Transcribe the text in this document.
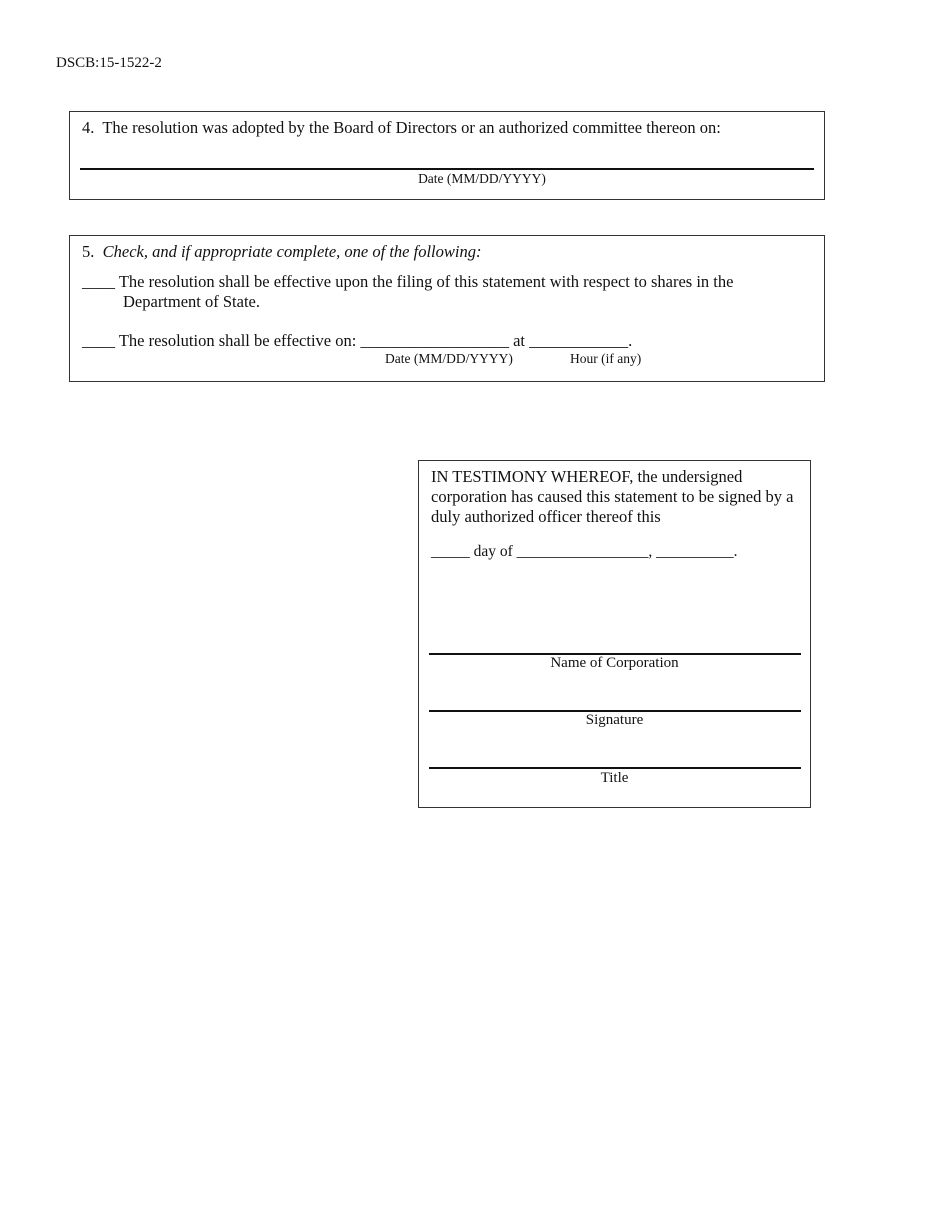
DSCB:15-1522-2
4. The resolution was adopted by the Board of Directors or an authorized committee thereon on:
Date (MM/DD/YYYY)
5. Check, and if appropriate complete, one of the following:
____ The resolution shall be effective upon the filing of this statement with respect to shares in the
Department of State.
____ The resolution shall be effective on: __________________ at ____________.
Date (MM/DD/YYYY)	Hour (if any)
IN TESTIMONY WHEREOF, the undersigned corporation has caused this statement to be signed by a duly authorized officer thereof this
_____ day of _________________, __________.
Name of Corporation
Signature
Title
